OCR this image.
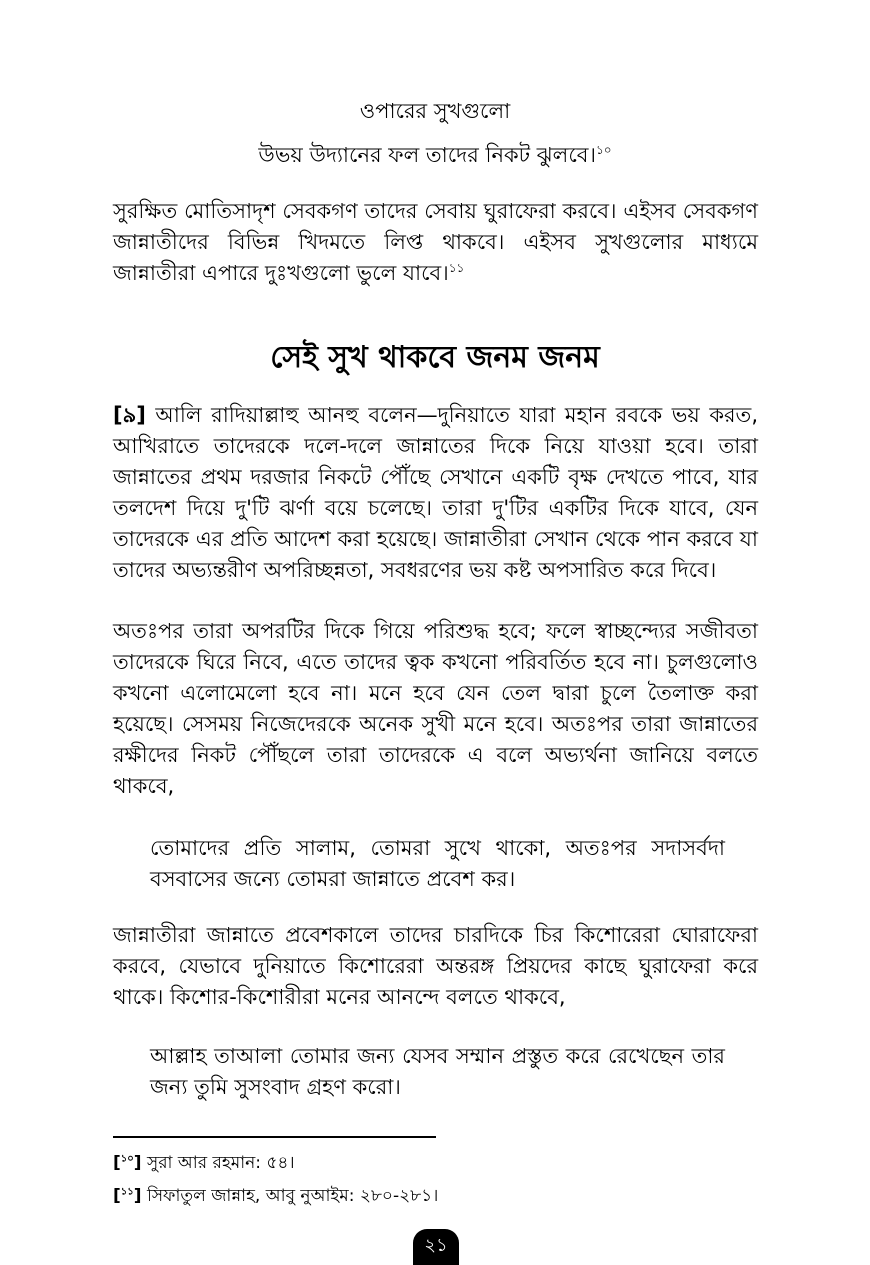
ওপারের সুখগুলো
উভয় উদ্যানের ফল তাদের নিকট ঝুলবে।$^{১০}$
সুরক্ষিত মোতিসাদৃশ সেবকগণ তাদের সেবায় ঘুরাফেরা করবে। এইসব সেবকগণ জান্নাতীদের বিভিন্ন খিদমতে লিপ্ত থাকবে। এইসব সুখগুলোর মাধ্যমে জান্নাতীরা এপারে দুঃখগুলো ভুলে যাবে।$^{১১}$
সেই সুখ থাকবে জনম জনম
[৯] আলি রাদিয়াল্লাহু আনহু বলেন—দুনিয়াতে যারা মহান রবকে ভয় করত, আখিরাতে তাদেরকে দলে-দলে জান্নাতের দিকে নিয়ে যাওয়া হবে। তারা জান্নাতের প্রথম দরজার নিকটে পৌঁছে সেখানে একটি বৃক্ষ দেখতে পাবে, যার তলদেশ দিয়ে দু'টি ঝর্ণা বয়ে চলেছে। তারা দু'টির একটির দিকে যাবে, যেন তাদেরকে এর প্রতি আদেশ করা হয়েছে। জান্নাতীরা সেখান থেকে পান করবে যা তাদের অভ্যন্তরীণ অপরিচ্ছন্নতা, সবধরণের ভয় কষ্ট অপসারিত করে দিবে।
অতঃপর তারা অপরটির দিকে গিয়ে পরিশুদ্ধ হবে; ফলে স্বাচ্ছন্দ্যের সজীবতা তাদেরকে ঘিরে নিবে, এতে তাদের ত্বক কখনো পরিবর্তিত হবে না। চুলগুলোও কখনো এলোমেলো হবে না। মনে হবে যেন তেল দ্বারা চুলে তৈলাক্ত করা হয়েছে। সেসময় নিজেদেরকে অনেক সুখী মনে হবে। অতঃপর তারা জান্নাতের রক্ষীদের নিকট পৌঁছলে তারা তাদেরকে এ বলে অভ্যর্থনা জানিয়ে বলতে থাকবে,
তোমাদের প্রতি সালাম, তোমরা সুখে থাকো, অতঃপর সদাসর্বদা বসবাসের জন্যে তোমরা জান্নাতে প্রবেশ কর।
জান্নাতীরা জান্নাতে প্রবেশকালে তাদের চারদিকে চির কিশোরেরা ঘোরাফেরা করবে, যেভাবে দুনিয়াতে কিশোরেরা অন্তরঙ্গ প্রিয়দের কাছে ঘুরাফেরা করে থাকে। কিশোর-কিশোরীরা মনের আনন্দে বলতে থাকবে,
আল্লাহ তাআলা তোমার জন্য যেসব সম্মান প্রস্তুত করে রেখেছেন তার জন্য তুমি সুসংবাদ গ্রহণ করো।
[$^{১০}$] সুরা আর রহমান: ৫৪।
[$^{১১}$] সিফাতুল জান্নাহ, আবু নুআইম: ২৮০-২৮১।
২১
